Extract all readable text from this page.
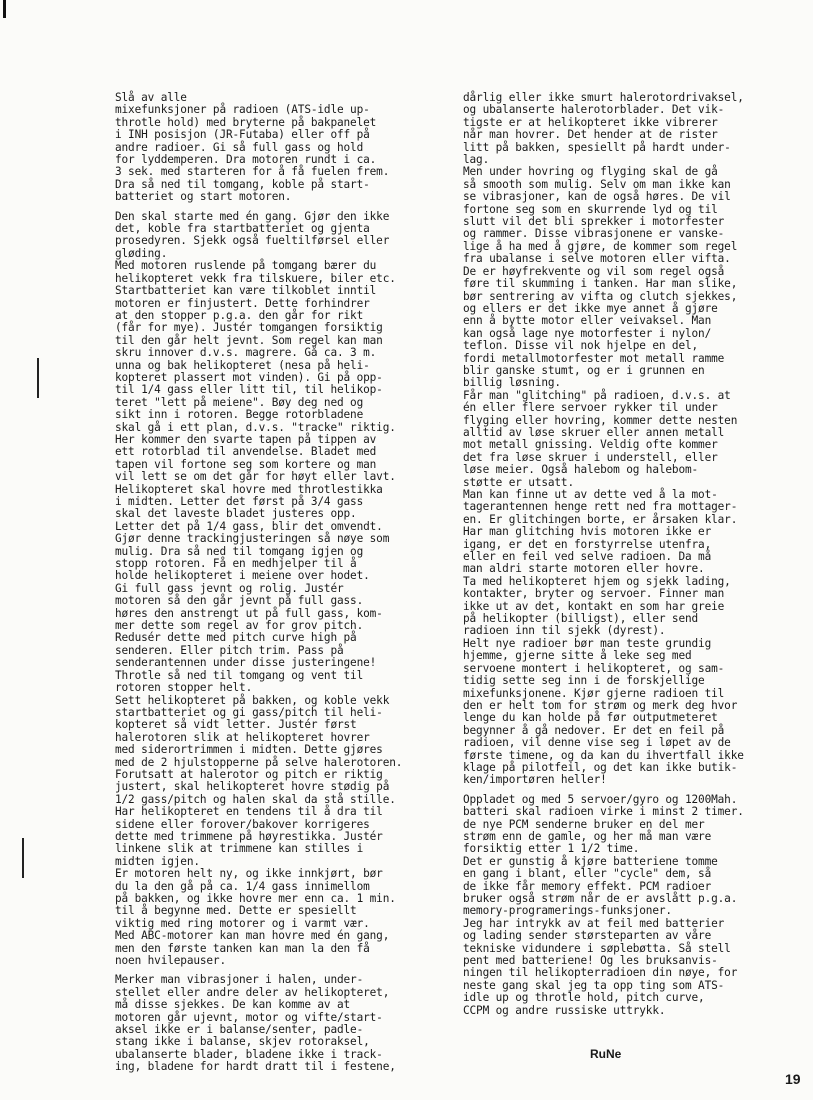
Slå av alle
mixefunksjoner på radioen (ATS-idle up-
throtle hold) med bryterne på bakpanelet
i INH posisjon (JR-Futaba) eller off på
andre radioer. Gi så full gass og hold
for lyddemperen. Dra motoren rundt i ca.
3 sek. med starteren for å få fuelen frem.
Dra så ned til tomgang, koble på start-
batteriet og start motoren.

Den skal starte med én gang. Gjør den ikke
det, koble fra startbatteriet og gjenta
prosedyren. Sjekk også fueltilførsel eller
gløding.
Med motoren ruslende på tomgang bærer du
helikopteret vekk fra tilskuere, biler etc.
Startbatteriet kan være tilkoblet inntil
motoren er finjustert. Dette forhindrer
at den stopper p.g.a. den går for rikt
(får for mye). Justér tomgangen forsiktig
til den går helt jevnt. Som regel kan man
skru innover d.v.s. magrere. Gå ca. 3 m.
unna og bak helikopteret (nesa på heli-
kopteret plassert mot vinden). Gi på opp-
til 1/4 gass eller litt til, til helikop-
teret "lett på meiene". Bøy deg ned og
sikt inn i rotoren. Begge rotorbladene
skal gå i ett plan, d.v.s. "tracke" riktig.
Her kommer den svarte tapen på tippen av
ett rotorblad til anvendelse. Bladet med
tapen vil fortone seg som kortere og man
vil lett se om det går for høyt eller lavt.
Helikopteret skal hovre med throtlestikka
i midten. Letter det først på 3/4 gass
skal det laveste bladet justeres opp.
Letter det på 1/4 gass, blir det omvendt.
Gjør denne trackingjusteringen så nøye som
mulig. Dra så ned til tomgang igjen og
stopp rotoren. Få en medhjelper til å
holde helikopteret i meiene over hodet.
Gi full gass jevnt og rolig. Justér
motoren så den går jevnt på full gass.
høres den anstrengt ut på full gass, kom-
mer dette som regel av for grov pitch.
Redusér dette med pitch curve high på
senderen. Eller pitch trim. Pass på
senderantennen under disse justeringene!
Throtle så ned til tomgang og vent til
rotoren stopper helt.
Sett helikopteret på bakken, og koble vekk
startbatteriet og gi gass/pitch til heli-
kopteret så vidt letter. Justér først
halerotoren slik at helikopteret hovrer
med siderortrimmen i midten. Dette gjøres
med de 2 hjulstopperne på selve halerotoren.
Forutsatt at halerotor og pitch er riktig
justert, skal helikopteret hovre stødig på
1/2 gass/pitch og halen skal da stå stille.
Har helikopteret en tendens til å dra til
sidene eller forover/bakover korrigeres
dette med trimmene på høyrestikka. Justér
linkene slik at trimmene kan stilles i
midten igjen.
Er motoren helt ny, og ikke innkjørt, bør
du la den gå på ca. 1/4 gass innimellom
på bakken, og ikke hovre mer enn ca. 1 min.
til å begynne med. Dette er spesiellt
viktig med ring motorer og i varmt vær.
Med ABC-motorer kan man hovre med én gang,
men den første tanken kan man la den få
noen hvilepauser.

Merker man vibrasjoner i halen, under-
stellet eller andre deler av helikopteret,
må disse sjekkes. De kan komme av at
motoren går ujevnt, motor og vifte/start-
aksel ikke er i balanse/senter, padle-
stang ikke i balanse, skjev rotoraksel,
ubalanserte blader, bladene ikke i track-
ing, bladene for hardt dratt til i festene,

dårlig eller ikke smurt halerotordrivaksel,
og ubalanserte halerotorblader. Det vik-
tigste er at helikopteret ikke vibrerer
når man hovrer. Det hender at de rister
litt på bakken, spesiellt på hardt under-
lag.
Men under hovring og flyging skal de gå
så smooth som mulig. Selv om man ikke kan
se vibrasjoner, kan de også høres. De vil
fortone seg som en skurrende lyd og til
slutt vil det bli sprekker i motorfester
og rammer. Disse vibrasjonene er vanske-
lige å ha med å gjøre, de kommer som regel
fra ubalanse i selve motoren eller vifta.
De er høyfrekvente og vil som regel også
føre til skumming i tanken. Har man slike,
bør sentrering av vifta og clutch sjekkes,
og ellers er det ikke mye annet å gjøre
enn å bytte motor eller veivaksel. Man
kan også lage nye motorfester i nylon/
teflon. Disse vil nok hjelpe en del,
fordi metallmotorfester mot metall ramme
blir ganske stumt, og er i grunnen en
billig løsning.
Får man "glitching" på radioen, d.v.s. at
én eller flere servoer rykker til under
flyging eller hovring, kommer dette nesten
alltid av løse skruer eller annen metall
mot metall gnissing. Veldig ofte kommer
det fra løse skruer i understell, eller
løse meier. Også halebom og halebom-
støtte er utsatt.
Man kan finne ut av dette ved å la mot-
tagerantennen henge rett ned fra mottager-
en. Er glitchingen borte, er årsaken klar.
Har man glitching hvis motoren ikke er
igang, er det en forstyrrelse utenfra,
eller en feil ved selve radioen. Da må
man aldri starte motoren eller hovre.
Ta med helikopteret hjem og sjekk lading,
kontakter, bryter og servoer. Finner man
ikke ut av det, kontakt en som har greie
på helikopter (billigst), eller send
radioen inn til sjekk (dyrest).
Helt nye radioer bør man teste grundig
hjemme, gjerne sitte å leke seg med
servoene montert i helikopteret, og sam-
tidig sette seg inn i de forskjellige
mixefunksjonene. Kjør gjerne radioen til
den er helt tom for strøm og merk deg hvor
lenge du kan holde på før outputmeteret
begynner å gå nedover. Er det en feil på
radioen, vil denne vise seg i løpet av de
første timene, og da kan du ihvertfall ikke
klage på pilotfeil, og det kan ikke butik-
ken/importøren heller!

Oppladet og med 5 servoer/gyro og 1200Mah.
batteri skal radioen virke i minst 2 timer.
de nye PCM senderne bruker en del mer
strøm enn de gamle, og her må man være
forsiktig etter 1 1/2 time.
Det er gunstig å kjøre batteriene tomme
en gang i blant, eller "cycle" dem, så
de ikke får memory effekt. PCM radioer
bruker også strøm når de er avslått p.g.a.
memory-programerings-funksjoner.
Jeg har intrykk av at feil med batterier
og lading sender størsteparten av våre
tekniske vidundere i søplebøtta. Så stell
pent med batteriene! Og les bruksanvis-
ningen til helikopterradioen din nøye, for
neste gang skal jeg ta opp ting som ATS-
idle up og throtle hold, pitch curve,
CCPM og andre russiske uttrykk.

RuNe
19
